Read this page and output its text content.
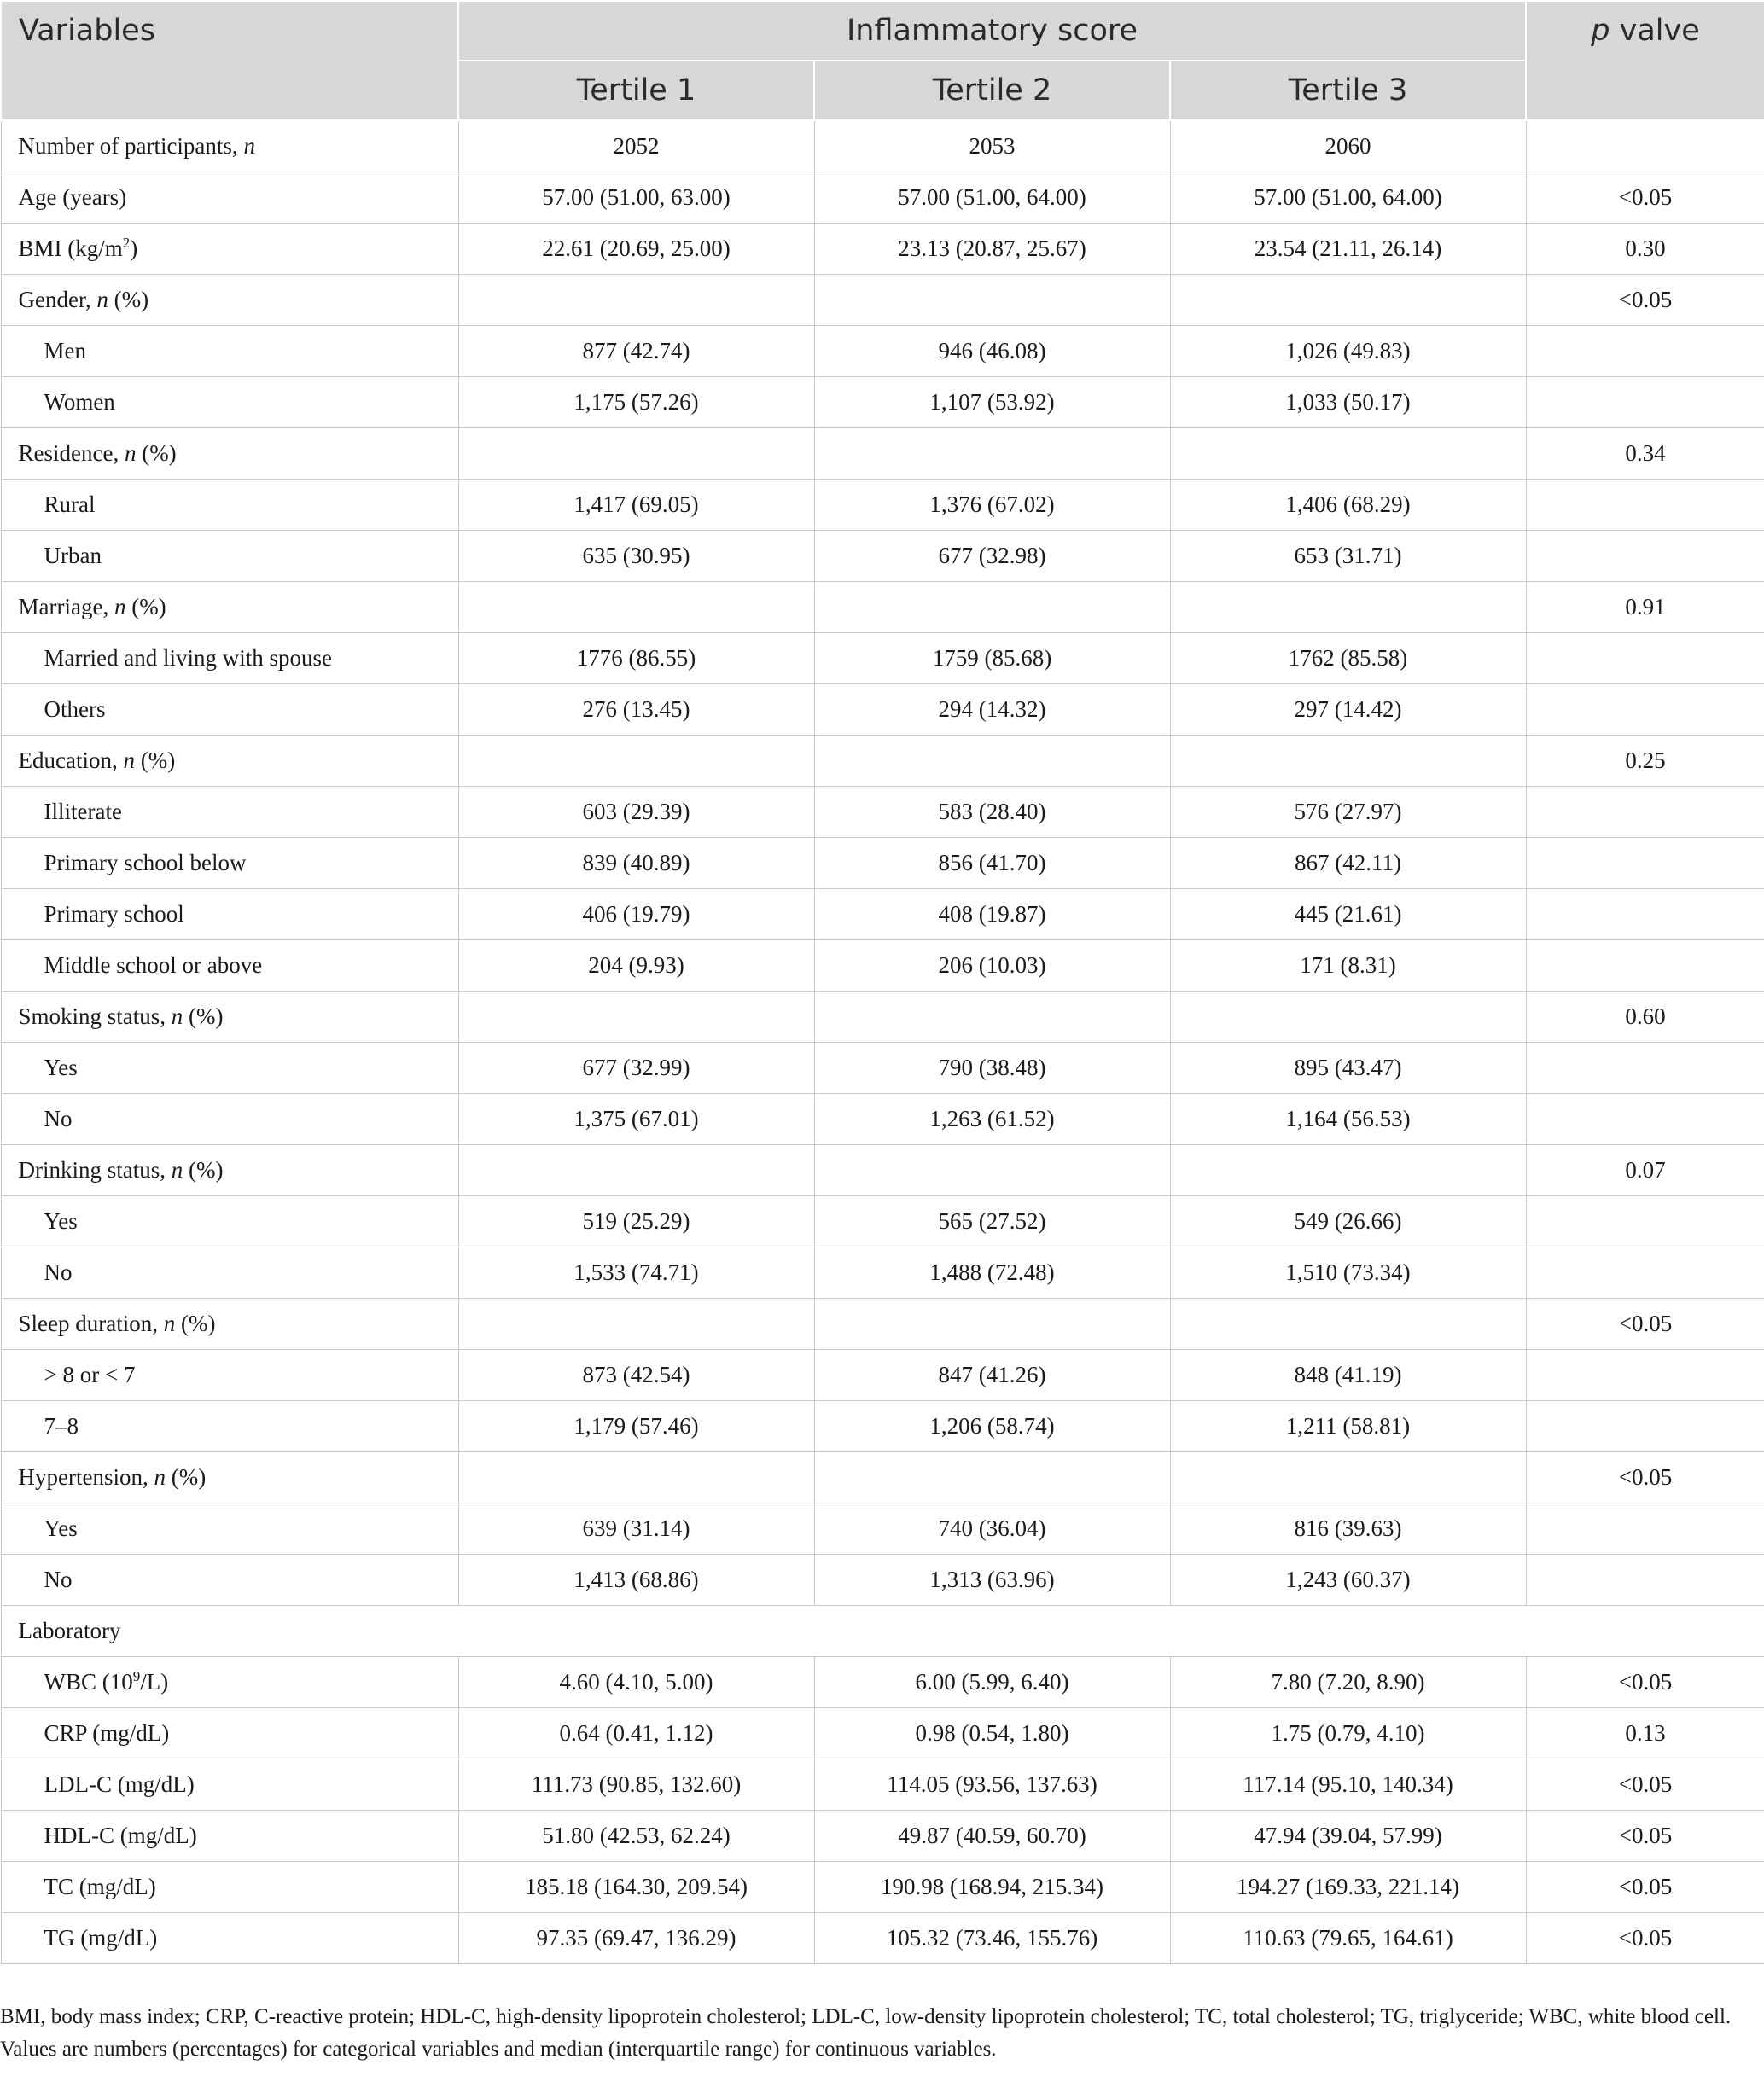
Variables	Inflammatory score			p valve
	Tertile 1	Tertile 2	Tertile 3	
Number of participants, n	2052	2053	2060	
Age (years)	57.00 (51.00, 63.00)	57.00 (51.00, 64.00)	57.00 (51.00, 64.00)	<0.05
BMI $(kg/m^2)$	22.61 (20.69, 25.00)	23.13 (20.87, 25.67)	23.54 (21.11, 26.14)	0.30
Gender, n (%)				<0.05
Men	877 (42.74)	946 (46.08)	1,026 (49.83)	
Women	1,175 (57.26)	1,107 (53.92)	1,033 (50.17)	
Residence, n (%)				0.34
Rural	1,417 (69.05)	1,376 (67.02)	1,406 (68.29)	
Urban	635 (30.95)	677 (32.98)	653 (31.71)	
Marriage, n (%)				0.91
Married and living with spouse	1776 (86.55)	1759 (85.68)	1762 (85.58)	
Others	276 (13.45)	294 (14.32)	297 (14.42)	
Education, n (%)				0.25
Illiterate	603 (29.39)	583 (28.40)	576 (27.97)	
Primary school below	839 (40.89)	856 (41.70)	867 (42.11)	
Primary school	406 (19.79)	408 (19.87)	445 (21.61)	
Middle school or above	204 (9.93)	206 (10.03)	171 (8.31)	
Smoking status, n (%)				0.60
Yes	677 (32.99)	790 (38.48)	895 (43.47)	
No	1,375 (67.01)	1,263 (61.52)	1,164 (56.53)	
Drinking status, n (%)				0.07
Yes	519 (25.29)	565 (27.52)	549 (26.66)	
No	1,533 (74.71)	1,488 (72.48)	1,510 (73.34)	
Sleep duration, n (%)				<0.05
> 8 or < 7	873 (42.54)	847 (41.26)	848 (41.19)	
7–8	1,179 (57.46)	1,206 (58.74)	1,211 (58.81)	
Hypertension, n (%)				<0.05
Yes	639 (31.14)	740 (36.04)	816 (39.63)	
No	1,413 (68.86)	1,313 (63.96)	1,243 (60.37)	
Laboratory				
WBC $(10^9/L)$	4.60 (4.10, 5.00)	6.00 (5.99, 6.40)	7.80 (7.20, 8.90)	<0.05
CRP (mg/dL)	0.64 (0.41, 1.12)	0.98 (0.54, 1.80)	1.75 (0.79, 4.10)	0.13
LDL-C (mg/dL)	111.73 (90.85, 132.60)	114.05 (93.56, 137.63)	117.14 (95.10, 140.34)	<0.05
HDL-C (mg/dL)	51.80 (42.53, 62.24)	49.87 (40.59, 60.70)	47.94 (39.04, 57.99)	<0.05
TC (mg/dL)	185.18 (164.30, 209.54)	190.98 (168.94, 215.34)	194.27 (169.33, 221.14)	<0.05
TG (mg/dL)	97.35 (69.47, 136.29)	105.32 (73.46, 155.76)	110.63 (79.65, 164.61)	<0.05
BMI, body mass index; CRP, C-reactive protein; HDL-C, high-density lipoprotein cholesterol; LDL-C, low-density lipoprotein cholesterol; TC, total cholesterol; TG, triglyceride; WBC, white blood cell. Values are numbers (percentages) for categorical variables and median (interquartile range) for continuous variables.
